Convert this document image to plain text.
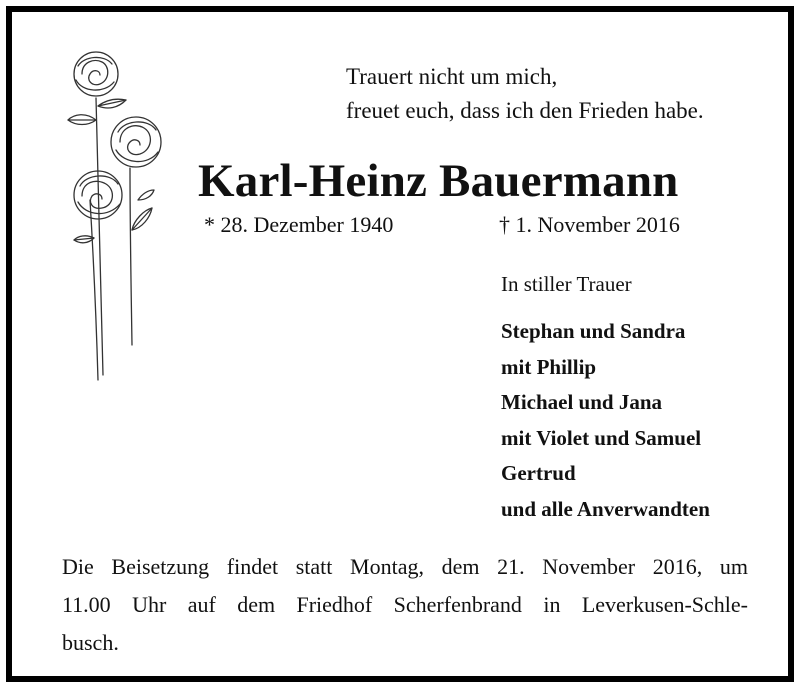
Trauert nicht um mich,
freuet euch, dass ich den Frieden habe.
Karl-Heinz Bauermann
* 28. Dezember 1940	† 1. November 2016
In stiller Trauer
Stephan und Sandra
mit Phillip
Michael und Jana
mit Violet und Samuel
Gertrud
und alle Anverwandten
Die Beisetzung findet statt Montag, dem 21. November 2016, um
11.00 Uhr auf dem Friedhof Scherfenbrand in Leverkusen-Schle-
busch.
